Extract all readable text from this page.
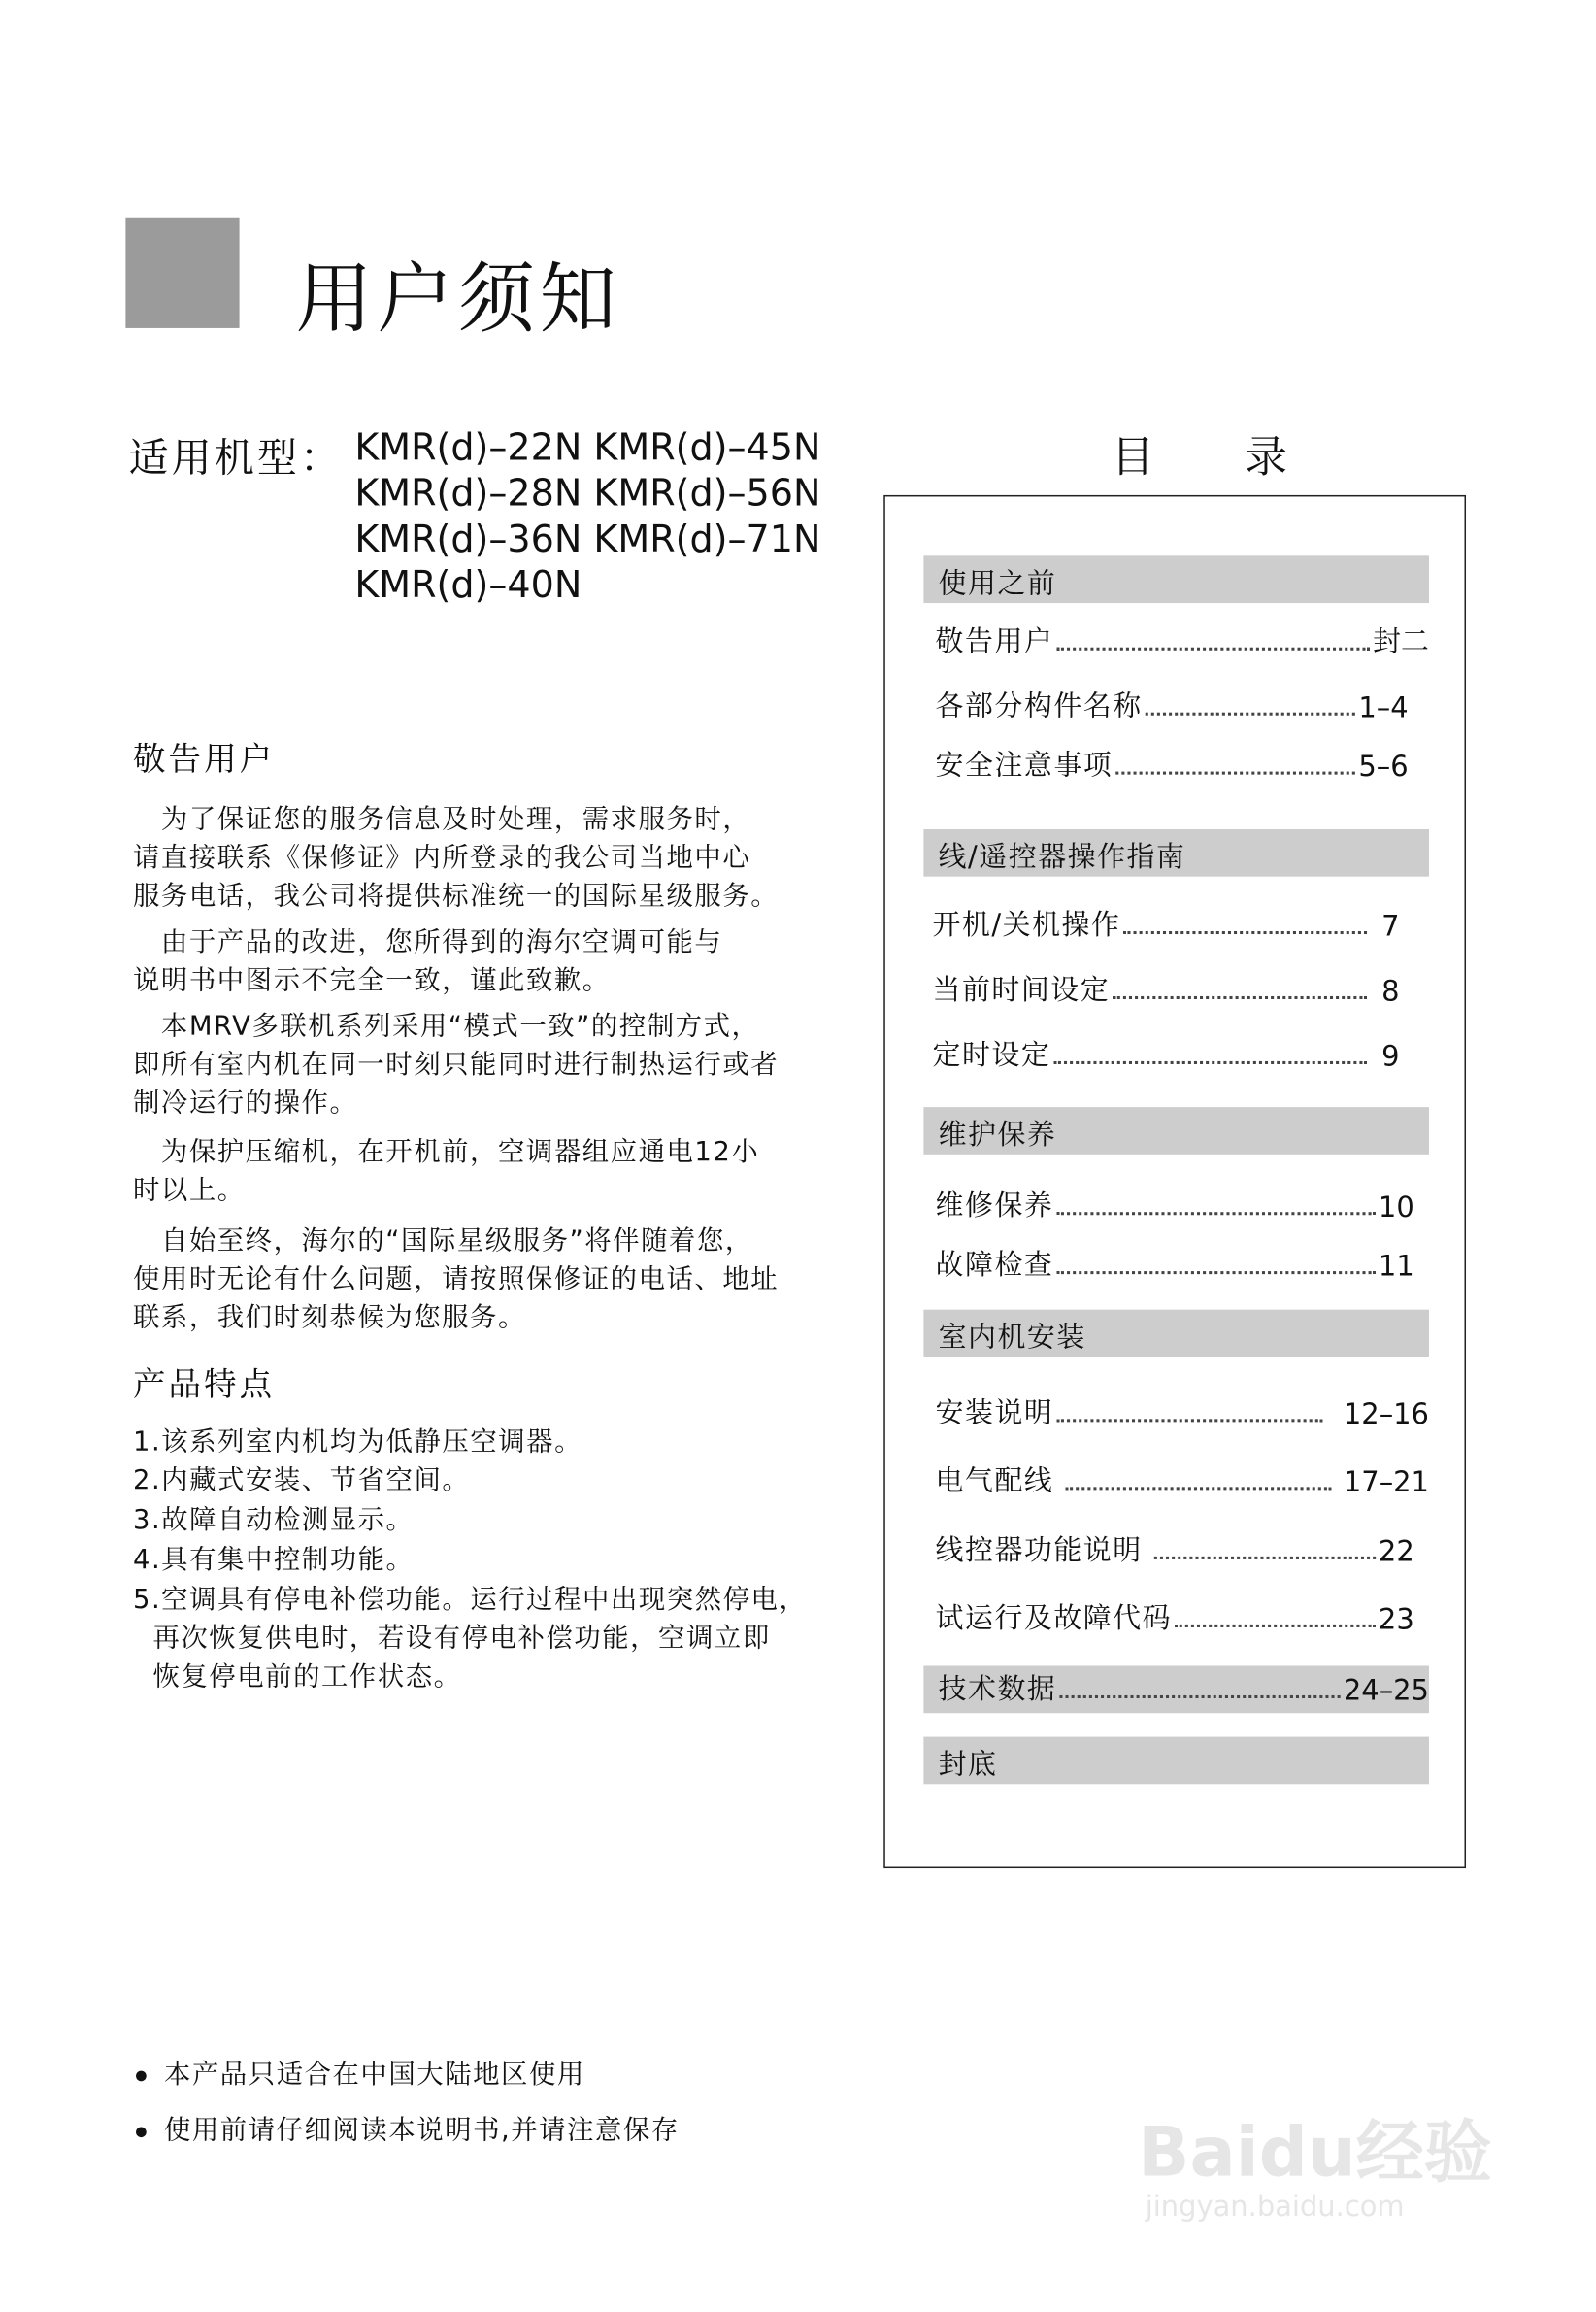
用户须知
适用机型： KMR(d)–22N KMR(d)–45N
KMR(d)–28N KMR(d)–56N
KMR(d)–36N KMR(d)–71N
KMR(d)–40N
敬告用户
　为了保证您的服务信息及时处理，需求服务时，
请直接联系《保修证》内所登录的我公司当地中心
服务电话，我公司将提供标准统一的国际星级服务。
　由于产品的改进，您所得到的海尔空调可能与
说明书中图示不完全一致，谨此致歉。
　本MRV多联机系列采用“模式一致”的控制方式，
即所有室内机在同一时刻只能同时进行制热运行或者
制冷运行的操作。
　为保护压缩机，在开机前，空调器组应通电12小
时以上。
　自始至终，海尔的“国际星级服务”将伴随着您，
使用时无论有什么问题，请按照保修证的电话、地址
联系，我们时刻恭候为您服务。
产品特点
1.该系列室内机均为低静压空调器。
2.内藏式安装、节省空间。
3.故障自动检测显示。
4.具有集中控制功能。
5.空调具有停电补偿功能。运行过程中出现突然停电，
再次恢复供电时，若设有停电补偿功能，空调立即
恢复停电前的工作状态。
目 录
使用之前
敬告用户	封二
各部分构件名称	1–4
安全注意事项	5–6
线/遥控器操作指南
开机/关机操作	7
当前时间设定	8
定时设定	9
维护保养
维修保养	10
故障检查	11
室内机安装
安装说明	12–16
电气配线	17–21
线控器功能说明	22
试运行及故障代码	23
技术数据	24–25
封底
本产品只适合在中国大陆地区使用
使用前请仔细阅读本说明书,并请注意保存	Baidu经验
jingyan.baidu.com
